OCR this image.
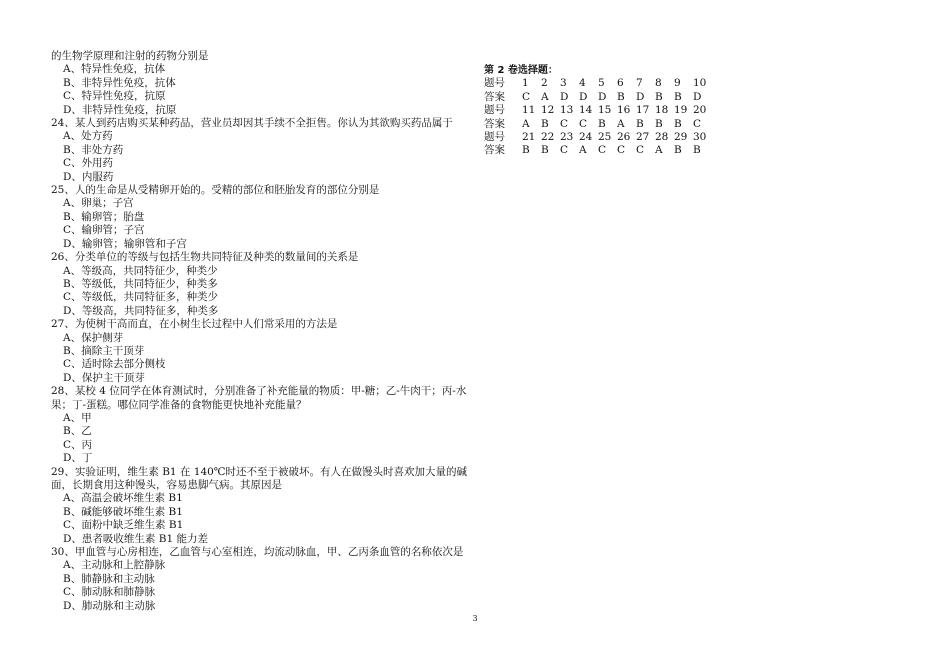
的生物学原理和注射的药物分别是
A、特异性免疫，抗体
B、非特异性免疫，抗体
C、特异性免疫，抗原
D、非特异性免疫，抗原
24、某人到药店购买某种药品，营业员却因其手续不全拒售。你认为其欲购买药品属于
A、处方药
B、非处方药
C、外用药
D、内服药
25、人的生命是从受精卵开始的。受精的部位和胚胎发育的部位分别是
A、卵巢；子宫
B、输卵管；胎盘
C、输卵管；子宫
D、输卵管；输卵管和子宫
26、分类单位的等级与包括生物共同特征及种类的数量间的关系是
A、等级高，共同特征少，种类少
B、等级低，共同特征少，种类多
C、等级低，共同特征多，种类少
D、等级高，共同特征多，种类多
27、为使树干高而直，在小树生长过程中人们常采用的方法是
A、保护侧芽
B、摘除主干顶芽
C、适时除去部分侧枝
D、保护主干顶芽
28、某校 4 位同学在体育测试时，分别准备了补充能量的物质：甲-糖；乙-牛肉干；丙-水果；丁-蛋糕。哪位同学准备的食物能更快地补充能量？
A、甲
B、乙
C、丙
D、丁
29、实验证明，维生素 B1 在 140℃时还不至于被破坏。有人在做馒头时喜欢加大量的碱面，长期食用这种馒头，容易患脚气病。其原因是
A、高温会破坏维生素 B1
B、碱能够破坏维生素 B1
C、面粉中缺乏维生素 B1
D、患者吸收维生素 B1 能力差
30、甲血管与心房相连，乙血管与心室相连，均流动脉血，甲、乙丙条血管的名称依次是
A、主动脉和上腔静脉
B、肺静脉和主动脉
C、肺动脉和肺静脉
D、肺动脉和主动脉
第 2 卷选择题：
题号	1	2	3	4	5	6	7	8	9	10
答案	C	A	D	D	D	B	D	B	B	D
题号	11	12	13	14	15	16	17	18	19	20
答案	A	B	C	C	B	A	B	B	B	C
题号	21	22	23	24	25	26	27	28	29	30
答案	B	B	C	A	C	C	C	A	B	B
3
